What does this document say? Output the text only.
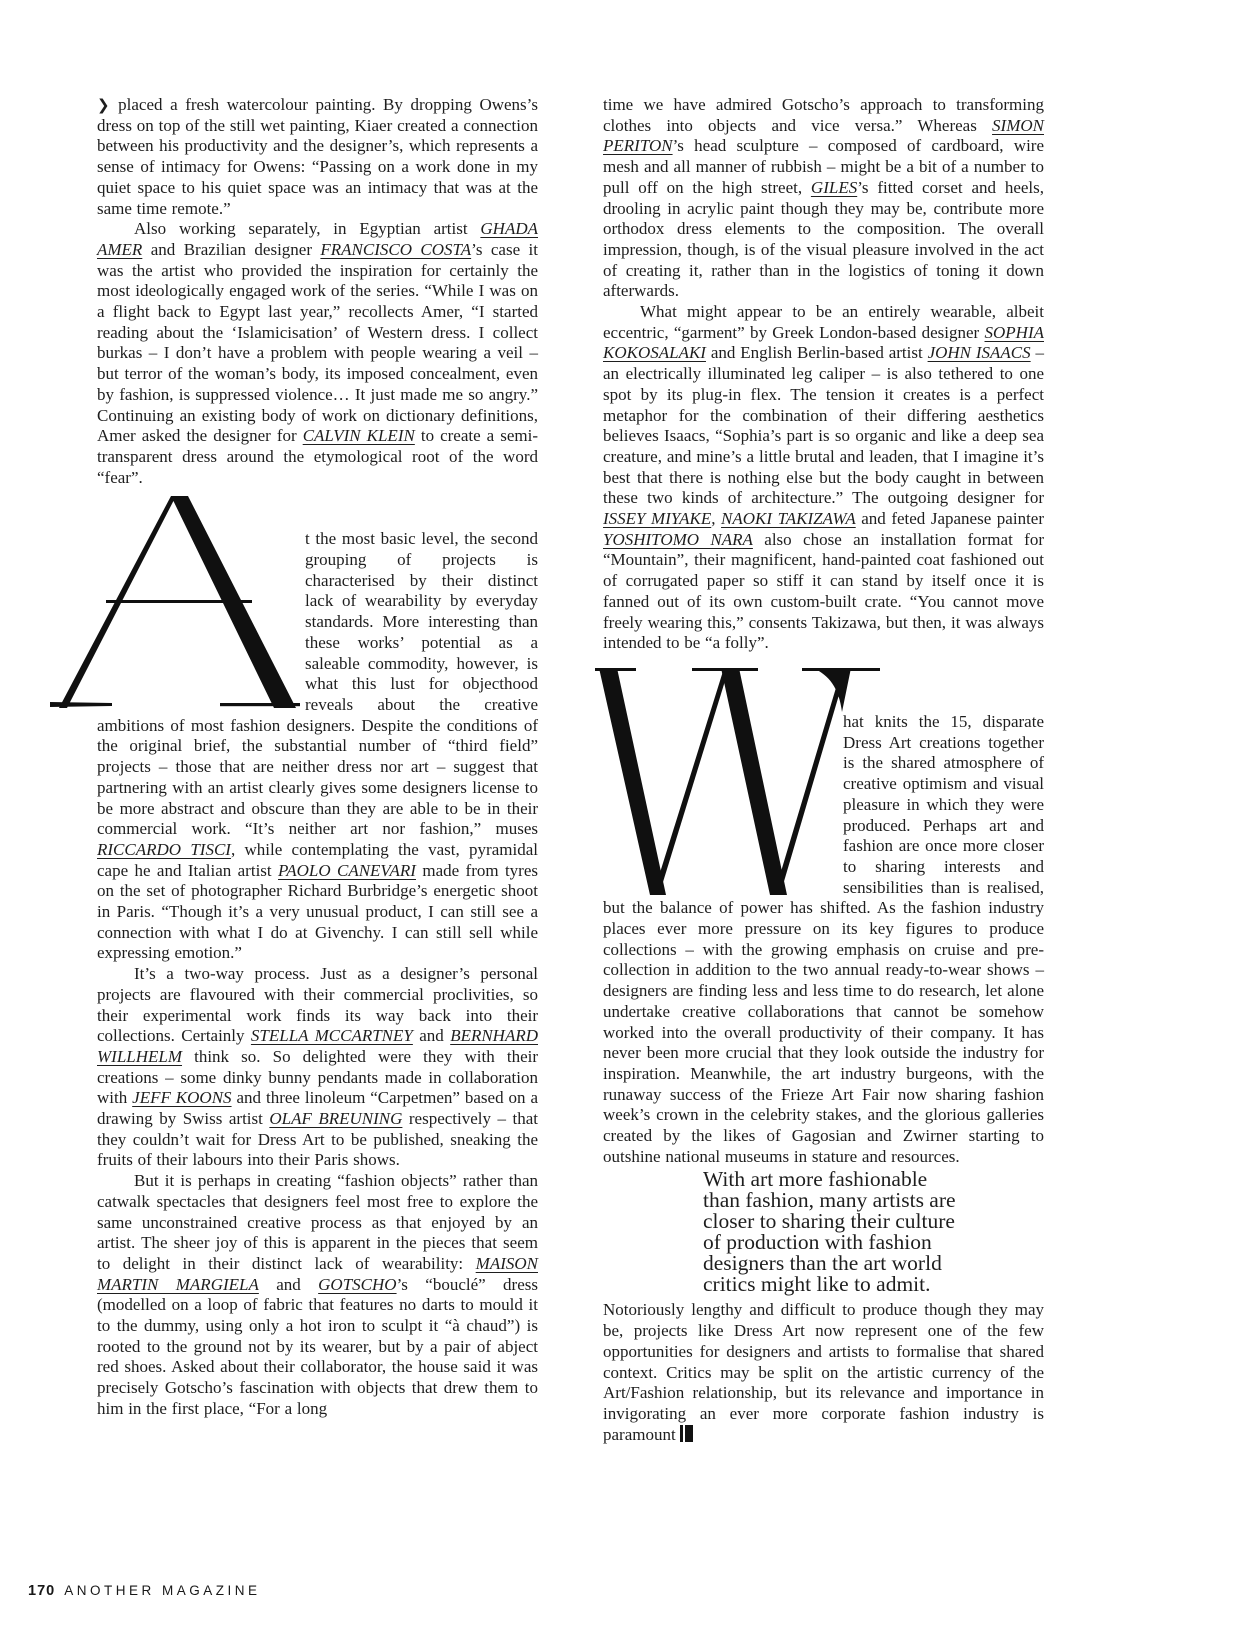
❯ placed a fresh watercolour painting. By dropping Owens’s dress on top of the still wet painting, Kiaer created a connection between his productivity and the designer’s, which represents a sense of intimacy for Owens: “Passing on a work done in my quiet space to his quiet space was an intimacy that was at the same time remote.”

Also working separately, in Egyptian artist GHADA AMER and Brazilian designer FRANCISCO COSTA’s case it was the artist who provided the inspiration for certainly the most ideologically engaged work of the series. “While I was on a flight back to Egypt last year,” recollects Amer, “I started reading about the ‘Islamicisation’ of Western dress. I collect burkas – I don’t have a problem with people wearing a veil – but terror of the woman’s body, its imposed concealment, even by fashion, is suppressed violence… It just made me so angry.” Continuing an existing body of work on dictionary definitions, Amer asked the designer for CALVIN KLEIN to create a semi-transparent dress around the etymological root of the word “fear”.

t the most basic level, the second grouping of projects is characterised by their distinct lack of wearability by everyday standards. More interesting than these works’ potential as a saleable commodity, however, is what this lust for objecthood reveals about the creative ambitions of most fashion designers. Despite the conditions of the original brief, the substantial number of “third field” projects – those that are neither dress nor art – suggest that partnering with an artist clearly gives some designers license to be more abstract and obscure than they are able to be in their commercial work. “It’s neither art nor fashion,” muses RICCARDO TISCI, while contemplating the vast, pyramidal cape he and Italian artist PAOLO CANEVARI made from tyres on the set of photographer Richard Burbridge’s energetic shoot in Paris. “Though it’s a very unusual product, I can still see a connection with what I do at Givenchy. I can still sell while expressing emotion.”

It’s a two-way process. Just as a designer’s personal projects are flavoured with their commercial proclivities, so their experimental work finds its way back into their collections. Certainly STELLA MCCARTNEY and BERNHARD WILLHELM think so. So delighted were they with their creations – some dinky bunny pendants made in collaboration with JEFF KOONS and three linoleum “Carpetmen” based on a drawing by Swiss artist OLAF BREUNING respectively – that they couldn’t wait for Dress Art to be published, sneaking the fruits of their labours into their Paris shows.

But it is perhaps in creating “fashion objects” rather than catwalk spectacles that designers feel most free to explore the same unconstrained creative process as that enjoyed by an artist. The sheer joy of this is apparent in the pieces that seem to delight in their distinct lack of wearability: MAISON MARTIN MARGIELA and GOTSCHO’s “bouclé” dress (modelled on a loop of fabric that features no darts to mould it to the dummy, using only a hot iron to sculpt it “à chaud”) is rooted to the ground not by its wearer, but by a pair of abject red shoes. Asked about their collaborator, the house said it was precisely Gotscho’s fascination with objects that drew them to him in the first place, “For a long

time we have admired Gotscho’s approach to transforming clothes into objects and vice versa.” Whereas SIMON PERITON’s head sculpture – composed of cardboard, wire mesh and all manner of rubbish – might be a bit of a number to pull off on the high street, GILES’s fitted corset and heels, drooling in acrylic paint though they may be, contribute more orthodox dress elements to the composition. The overall impression, though, is of the visual pleasure involved in the act of creating it, rather than in the logistics of toning it down afterwards.

What might appear to be an entirely wearable, albeit eccentric, “garment” by Greek London-based designer SOPHIA KOKOSALAKI and English Berlin-based artist JOHN ISAACS – an electrically illuminated leg caliper – is also tethered to one spot by its plug-in flex. The tension it creates is a perfect metaphor for the combination of their differing aesthetics believes Isaacs, “Sophia’s part is so organic and like a deep sea creature, and mine’s a little brutal and leaden, that I imagine it’s best that there is nothing else but the body caught in between these two kinds of architecture.” The outgoing designer for ISSEY MIYAKE, NAOKI TAKIZAWA and feted Japanese painter YOSHITOMO NARA also chose an installation format for “Mountain”, their magnificent, hand-painted coat fashioned out of corrugated paper so stiff it can stand by itself once it is fanned out of its own custom-built crate. “You cannot move freely wearing this,” consents Takizawa, but then, it was always intended to be “a folly”.

hat knits the 15, disparate Dress Art creations together is the shared atmosphere of creative optimism and visual pleasure in which they were produced. Perhaps art and fashion are once more closer to sharing interests and sensibilities than is realised, but the balance of power has shifted. As the fashion industry places ever more pressure on its key figures to produce collections – with the growing emphasis on cruise and pre-collection in addition to the two annual ready-to-wear shows – designers are finding less and less time to do research, let alone undertake creative collaborations that cannot be somehow worked into the overall productivity of their company. It has never been more crucial that they look outside the industry for inspiration. Meanwhile, the art industry burgeons, with the runaway success of the Frieze Art Fair now sharing fashion week’s crown in the celebrity stakes, and the glorious galleries created by the likes of Gagosian and Zwirner starting to outshine national museums in stature and resources.

With art more fashionable
than fashion, many artists are
closer to sharing their culture
of production with fashion
designers than the art world
critics might like to admit.

Notoriously lengthy and difficult to produce though they may be, projects like Dress Art now represent one of the few opportunities for designers and artists to formalise that shared context. Critics may be split on the artistic currency of the Art/Fashion relationship, but its relevance and importance in invigorating an ever more corporate fashion industry is paramount

170 ANOTHER MAGAZINE
